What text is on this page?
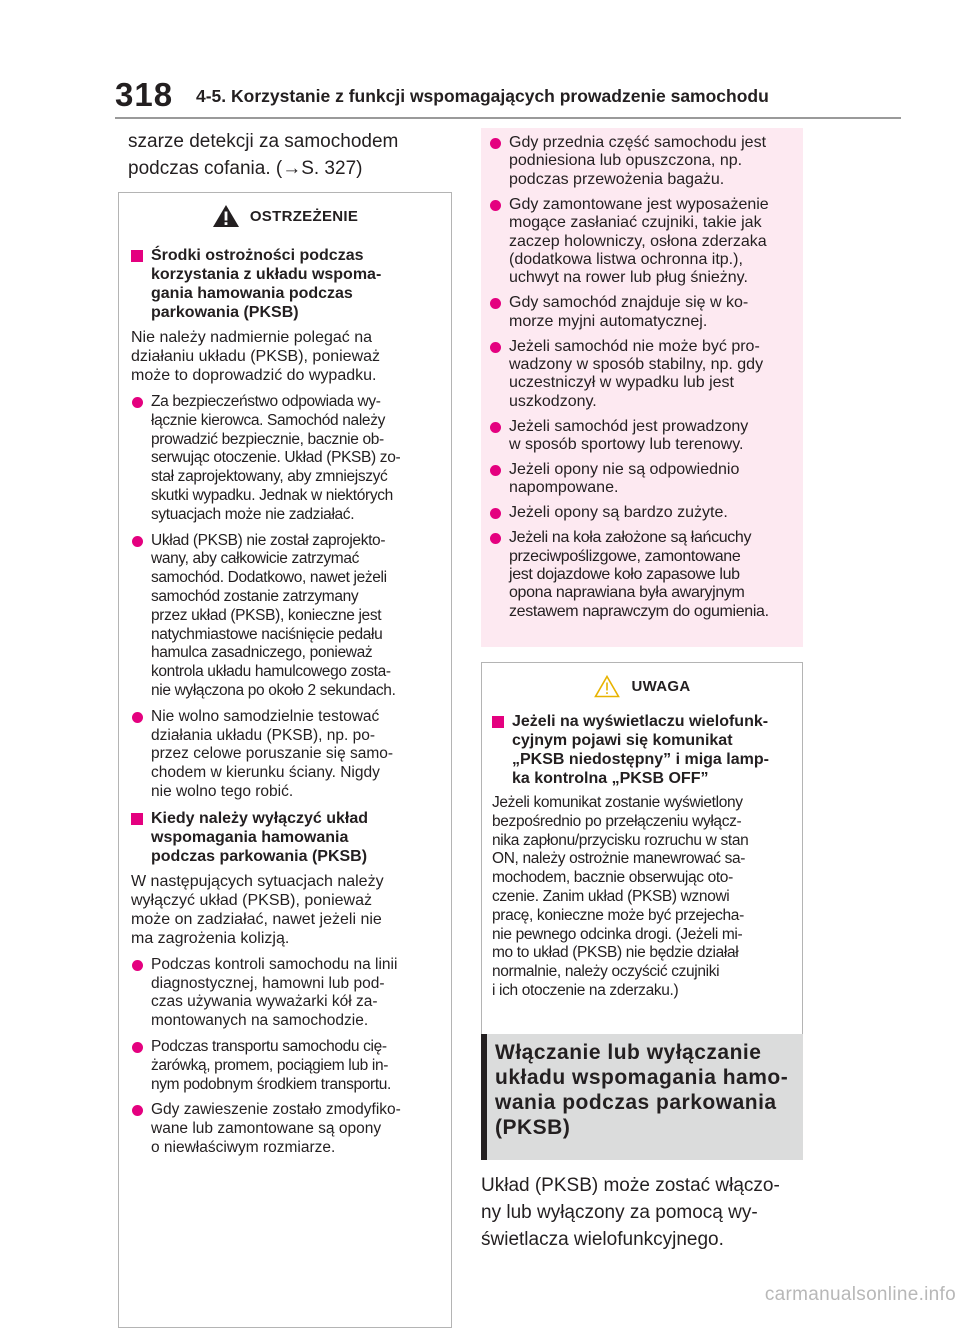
318 4-5. Korzystanie z funkcji wspomagających prowadzenie samochodu

szarze detekcji za samochodem
podczas cofania. (→S. 327)

OSTRZEŻENIE
Środki ostrożności podczas
korzystania z układu wspoma-
gania hamowania podczas
parkowania (PKSB)

Nie należy nadmiernie polegać na
działaniu układu (PKSB), ponieważ
może to doprowadzić do wypadku.

Za bezpieczeństwo odpowiada wy-
łącznie kierowca. Samochód należy
prowadzić bezpiecznie, bacznie ob-
serwując otoczenie. Układ (PKSB) zo-
stał zaprojektowany, aby zmniejszyć
skutki wypadku. Jednak w niektórych
sytuacjach może nie zadziałać.
Układ (PKSB) nie został zaprojekto-
wany, aby całkowicie zatrzymać
samochód. Dodatkowo, nawet jeżeli
samochód zostanie zatrzymany
przez układ (PKSB), konieczne jest
natychmiastowe naciśnięcie pedału
hamulca zasadniczego, ponieważ
kontrola układu hamulcowego zosta-
nie wyłączona po około 2 sekundach.
Nie wolno samodzielnie testować
działania układu (PKSB), np. po-
przez celowe poruszanie się samo-
chodem w kierunku ściany. Nigdy
nie wolno tego robić.
Kiedy należy wyłączyć układ
wspomagania hamowania
podczas parkowania (PKSB)

W następujących sytuacjach należy
wyłączyć układ (PKSB), ponieważ
może on zadziałać, nawet jeżeli nie
ma zagrożenia kolizją.

Podczas kontroli samochodu na linii
diagnostycznej, hamowni lub pod-
czas używania wyważarki kół za-
montowanych na samochodzie.
Podczas transportu samochodu cię-
żarówką, promem, pociągiem lub in-
nym podobnym środkiem transportu.
Gdy zawieszenie zostało zmodyfiko-
wane lub zamontowane są opony
o niewłaściwym rozmiarze.
Gdy przednia część samochodu jest
podniesiona lub opuszczona, np.
podczas przewożenia bagażu.
Gdy zamontowane jest wyposażenie
mogące zasłaniać czujniki, takie jak
zaczep holowniczy, osłona zderzaka
(dodatkowa listwa ochronna itp.),
uchwyt na rower lub pług śnieżny.
Gdy samochód znajduje się w ko-
morze myjni automatycznej.
Jeżeli samochód nie może być pro-
wadzony w sposób stabilny, np. gdy
uczestniczył w wypadku lub jest
uszkodzony.
Jeżeli samochód jest prowadzony
w sposób sportowy lub terenowy.
Jeżeli opony nie są odpowiednio
napompowane.
Jeżeli opony są bardzo zużyte.
Jeżeli na koła założone są łańcuchy
przeciwpoślizgowe, zamontowane
jest dojazdowe koło zapasowe lub
opona naprawiana była awaryjnym
zestawem naprawczym do ogumienia.
UWAGA
Jeżeli na wyświetlaczu wielofunk-
cyjnym pojawi się komunikat
„PKSB niedostępny” i miga lamp-
ka kontrolna „PKSB OFF”

Jeżeli komunikat zostanie wyświetlony
bezpośrednio po przełączeniu wyłącz-
nika zapłonu/przycisku rozruchu w stan
ON, należy ostrożnie manewrować sa-
mochodem, bacznie obserwując oto-
czenie. Zanim układ (PKSB) wznowi
pracę, konieczne może być przejecha-
nie pewnego odcinka drogi. (Jeżeli mi-
mo to układ (PKSB) nie będzie działał
normalnie, należy oczyścić czujniki
i ich otoczenie na zderzaku.)

Włączanie lub wyłączanie
układu wspomagania hamo-
wania podczas parkowania
(PKSB)
Układ (PKSB) może zostać włączo-
ny lub wyłączony za pomocą wy-
świetlacza wielofunkcyjnego.
carmanualsonline.info
